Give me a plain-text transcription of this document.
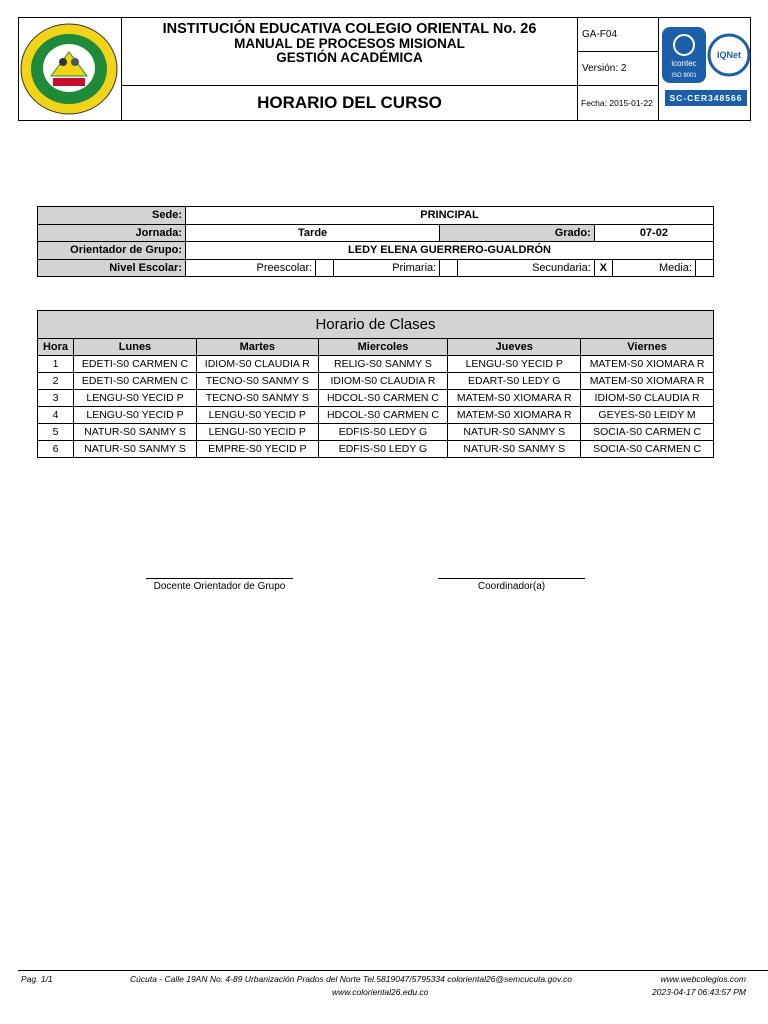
INSTITUCIÓN EDUCATIVA COLEGIO ORIENTAL No. 26
MANUAL DE PROCESOS MISIONAL
GESTIÓN ACADÉMICA
HORARIO DEL CURSO
GA-F04
Versión: 2
Fecha: 2015-01-22
icontec
ISO 9001
IQNet
SC-CER348566
Sede:	PRINCIPAL							
Jornada:	Tarde			Grado:		07-02		
Orientador de Grupo:	LEDY ELENA GUERRERO-GUALDRÓN							
Nivel Escolar:	Preescolar:		Primaria:		Secundaria:	X	Media:	
Horario de Clases					
Hora	Lunes	Martes	Miercoles	Jueves	Viernes
1	EDETI-S0 CARMEN C	IDIOM-S0 CLAUDIA R	RELIG-S0 SANMY S	LENGU-S0 YECID P	MATEM-S0 XIOMARA R
2	EDETI-S0 CARMEN C	TECNO-S0 SANMY S	IDIOM-S0 CLAUDIA R	EDART-S0 LEDY G	MATEM-S0 XIOMARA R
3	LENGU-S0 YECID P	TECNO-S0 SANMY S	HDCOL-S0 CARMEN C	MATEM-S0 XIOMARA R	IDIOM-S0 CLAUDIA R
4	LENGU-S0 YECID P	LENGU-S0 YECID P	HDCOL-S0 CARMEN C	MATEM-S0 XIOMARA R	GEYES-S0 LEIDY M
5	NATUR-S0 SANMY S	LENGU-S0 YECID P	EDFIS-S0 LEDY G	NATUR-S0 SANMY S	SOCIA-S0 CARMEN C
6	NATUR-S0 SANMY S	EMPRE-S0 YECID P	EDFIS-S0 LEDY G	NATUR-S0 SANMY S	SOCIA-S0 CARMEN C
Docente Orientador de Grupo	Coordinador(a)
Pag. 1/1	Cúcuta - Calle 19AN No. 4-89 Urbanización Prados del Norte Tel.5819047/5795334 coloriental26@semcucuta.gov.co
www.coloriental26.edu.co
www.webcolegios.com
2023-04-17 06:43:57 PM
